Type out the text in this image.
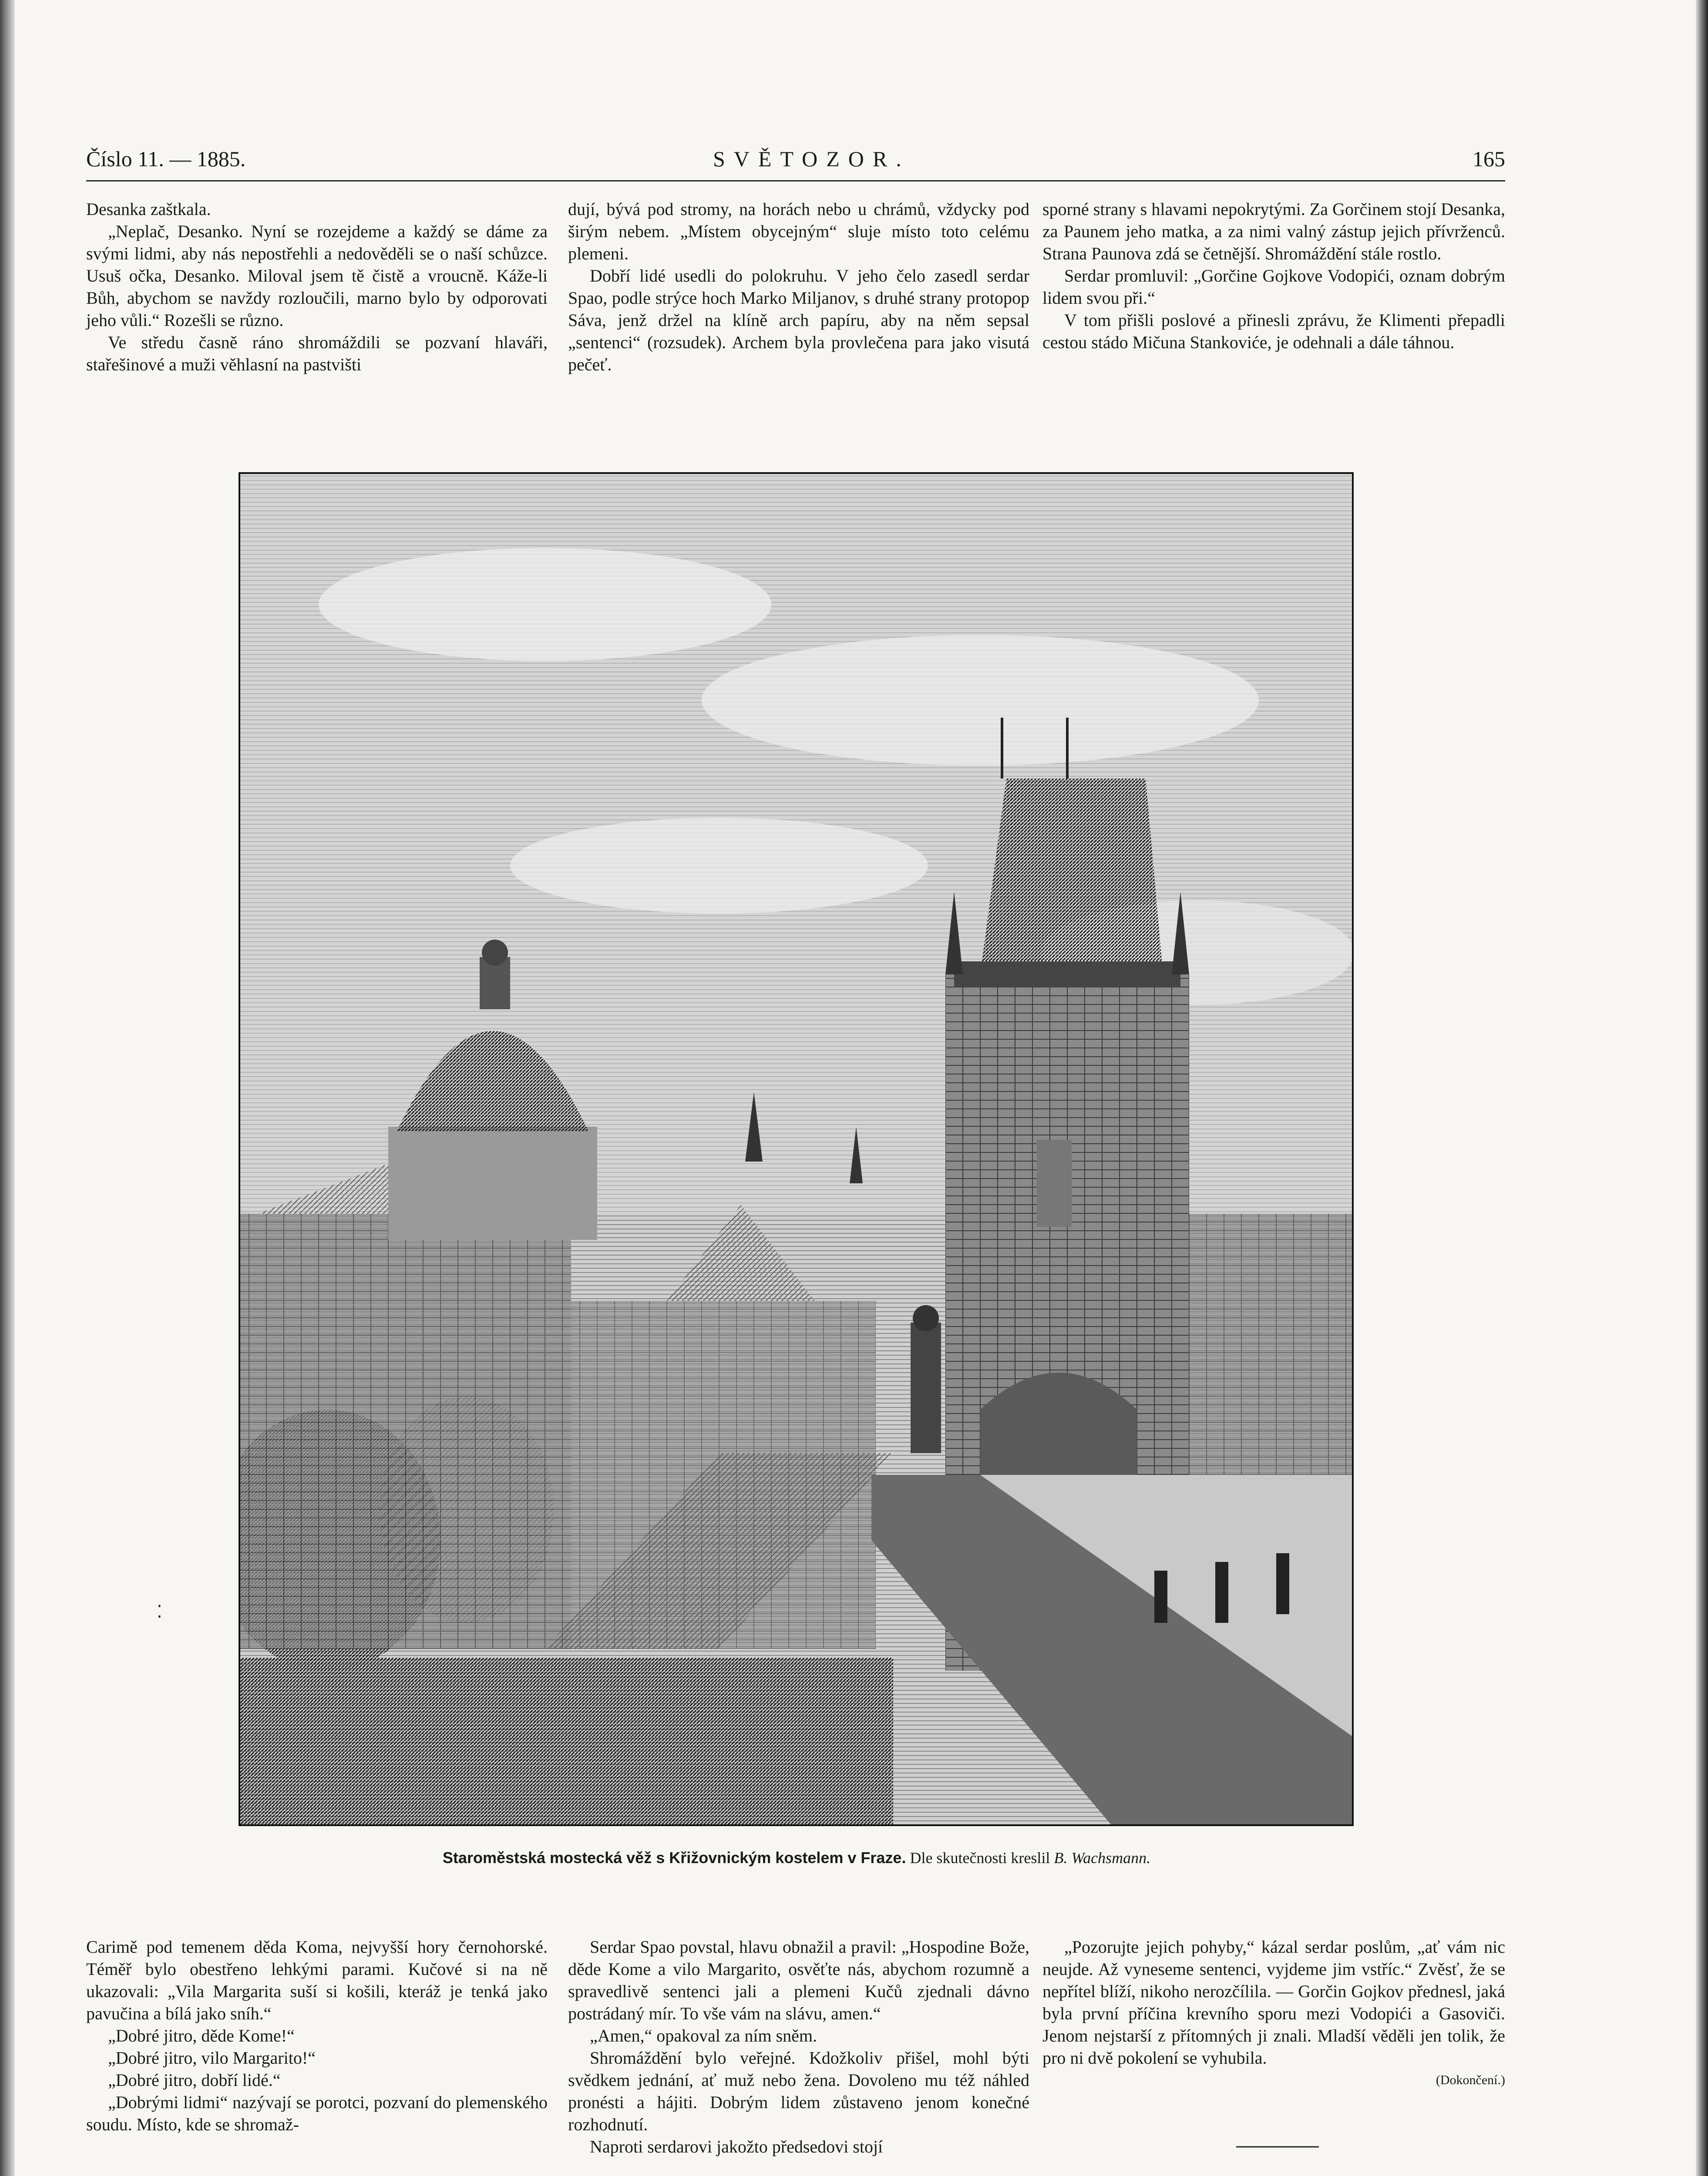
Číslo 11. — 1885.	SVĚTOZOR.	165

Desanka zaštkala.

„Neplač, Desanko. Nyní se rozejdeme a každý se dáme za svými lidmi, aby nás nepostřehli a nedověděli se o naší schůzce. Usuš očka, Desanko. Miloval jsem tě čistě a vroucně. Káže-li Bůh, abychom se navždy rozloučili, marno bylo by odporovati jeho vůli.“ Rozešli se různo.

Ve středu časně ráno shromáždili se pozvaní hlaváři, stařešinové a muži věhlasní na pastvišti

dují, bývá pod stromy, na horách nebo u chrámů, vždycky pod širým nebem. „Místem obycejným“ sluje místo toto celému plemeni.

Dobří lidé usedli do polokruhu. V jeho čelo zasedl serdar Spao, podle strýce hoch Marko Miljanov, s druhé strany protopop Sáva, jenž držel na klíně arch papíru, aby na něm sepsal „sentenci“ (rozsudek). Archem byla provlečena para jako visutá pečeť.

sporné strany s hlavami nepokrytými. Za Gorčinem stojí Desanka, za Paunem jeho matka, a za nimi valný zástup jejich přívrženců. Strana Paunova zdá se četnější. Shromáždění stále rostlo.

Serdar promluvil: „Gorčine Gojkove Vodopići, oznam dobrým lidem svou při.“

V tom přišli poslové a přinesli zprávu, že Klimenti přepadli cestou stádo Mičuna Stankoviće, je odehnali a dále táhnou.

Staroměstská mostecká věž s Křižovnickým kostelem v Fraze. Dle skutečnosti kreslil B. Wachsmann.
⁚

Carimě pod temenem děda Koma, nejvyšší hory černohorské. Téměř bylo obestřeno lehkými parami. Kučové si na ně ukazovali: „Vila Margarita suší si košili, kteráž je tenká jako pavučina a bílá jako sníh.“

„Dobré jitro, děde Kome!“

„Dobré jitro, vilo Margarito!“

„Dobré jitro, dobří lidé.“

„Dobrými lidmi“ nazývají se porotci, pozvaní do plemenského soudu. Místo, kde se shromaž-

Serdar Spao povstal, hlavu obnažil a pravil: „Hospodine Bože, děde Kome a vilo Margarito, osvěťte nás, abychom rozumně a spravedlivě sentenci jali a plemeni Kučů zjednali dávno postrádaný mír. To vše vám na slávu, amen.“

„Amen,“ opakoval za ním sněm.

Shromáždění bylo veřejné. Kdožkoliv přišel, mohl býti svědkem jednání, ať muž nebo žena. Dovoleno mu též náhled pronésti a hájiti. Dobrým lidem zůstaveno jenom konečné rozhodnutí.

Naproti serdarovi jakožto předsedovi stojí

„Pozorujte jejich pohyby,“ kázal serdar poslům, „ať vám nic neujde. Až vyneseme sentenci, vyjdeme jim vstříc.“ Zvěsť, že se nepřítel blíží, nikoho nerozčílila. — Gorčin Gojkov přednesl, jaká byla první příčina krevního sporu mezi Vodopići a Gasoviči. Jenom nejstarší z přítomných ji znali. Mladší věděli jen tolik, že pro ni dvě pokolení se vyhubila.

(Dokončení.)
